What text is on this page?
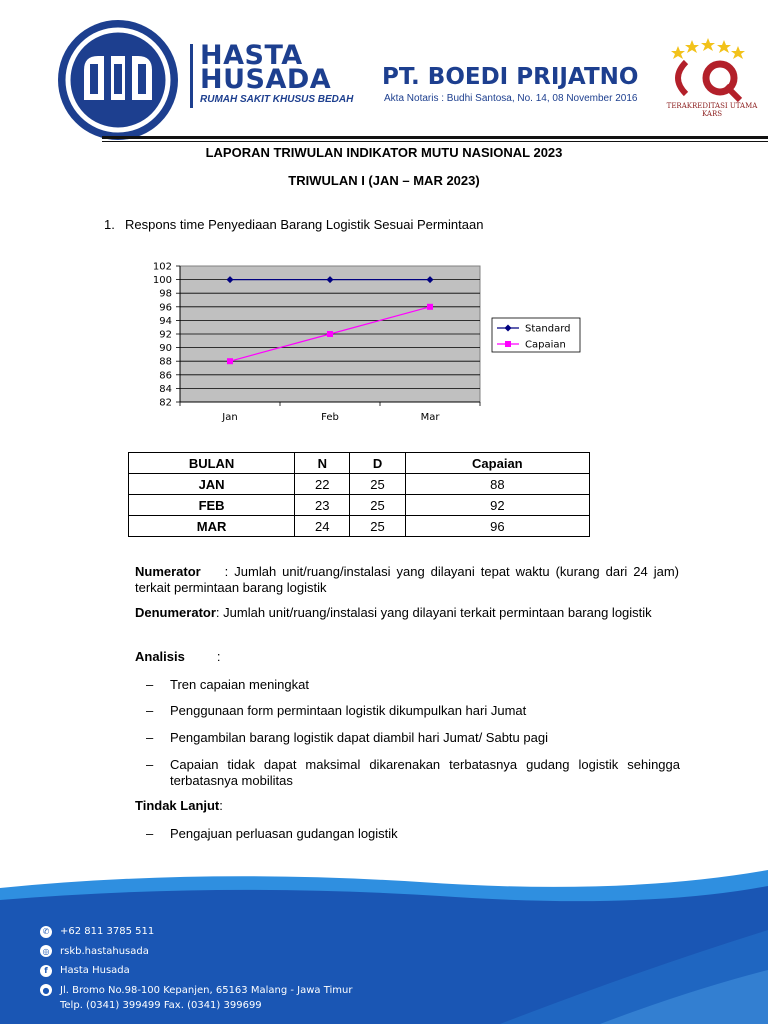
HASTA
HUSADA
RUMAH SAKIT KHUSUS BEDAH
PT. BOEDI PRIJATNO
Akta Notaris : Budhi Santosa, No. 14, 08 November 2016
TERAKREDITASI UTAMA KARS
LAPORAN TRIWULAN INDIKATOR MUTU NASIONAL 2023
TRIWULAN I (JAN – MAR 2023)
1. Respons time Penyediaan Barang Logistik Sesuai Permintaan
82
84
86
88
90
92
94
96
98
100
102
Jan	Feb	Mar
Standard
Capaian
BULAN	N	D	Capaian
JAN	22	25	88
FEB	23	25	92
MAR	24	25	96
Numerator : Jumlah unit/ruang/instalasi yang dilayani tepat waktu (kurang dari 24 jam) terkait permintaan barang logistik
Denumerator: Jumlah unit/ruang/instalasi yang dilayani terkait permintaan barang logistik
Analisis :
– Tren capaian meningkat
– Penggunaan form permintaan logistik dikumpulkan hari Jumat
– Pengambilan barang logistik dapat diambil hari Jumat/ Sabtu pagi
– Capaian tidak dapat maksimal dikarenakan terbatasnya gudang logistik sehingga terbatasnya mobilitas
Tindak Lanjut:
– Pengajuan perluasan gudangan logistik
✆ +62 811 3785 511
◎ rskb.hastahusada
f	Hasta Husada
● Jl. Bromo No.98-100 Kepanjen, 65163 Malang - Jawa Timur
Telp. (0341) 399499 Fax. (0341) 399699
